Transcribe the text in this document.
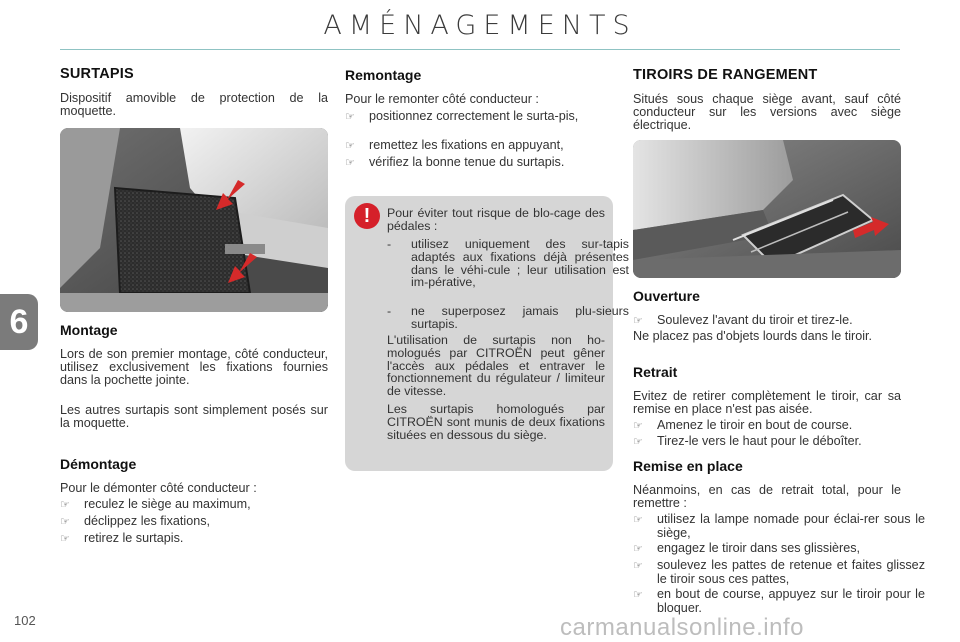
AMÉNAGEMENTS
6
SURTAPIS
Dispositif amovible de protection de la moquette.
Montage
Lors de son premier montage, côté conducteur, utilisez exclusivement les fixations fournies dans la pochette jointe.
Les autres surtapis sont simplement posés sur la moquette.
Démontage
Pour le démonter côté conducteur :
☞ reculez le siège au maximum,
☞ déclippez les fixations,
☞ retirez le surtapis.
Remontage
Pour le remonter côté conducteur :
☞ positionnez correctement le surta-pis,
☞ remettez les fixations en appuyant,
☞ vérifiez la bonne tenue du surtapis.
!	Pour éviter tout risque de blo-cage des pédales :
- utilisez uniquement des sur-tapis adaptés aux fixations déjà présentes dans le véhi-cule ; leur utilisation est im-pérative,
- ne superposez jamais plu-sieurs surtapis.
L'utilisation de surtapis non ho-mologués par CITROËN peut gêner l'accès aux pédales et entraver le fonctionnement du régulateur / limiteur de vitesse.
Les surtapis homologués par CITROËN sont munis de deux fixations situées en dessous du siège.
TIROIRS DE RANGEMENT
Situés sous chaque siège avant, sauf côté conducteur sur les versions avec siège électrique.
Ouverture
☞ Soulevez l'avant du tiroir et tirez-le.
Ne placez pas d'objets lourds dans le tiroir.
Retrait
Evitez de retirer complètement le tiroir, car sa remise en place n'est pas aisée.
☞ Amenez le tiroir en bout de course.
☞ Tirez-le vers le haut pour le déboîter.
Remise en place
Néanmoins, en cas de retrait total, pour le remettre :
☞ utilisez la lampe nomade pour éclai-rer sous le siège,
☞ engagez le tiroir dans ses glissières,
☞ soulevez les pattes de retenue et faites glissez le tiroir sous ces pattes,
☞ en bout de course, appuyez sur le tiroir pour le bloquer.
102	carmanualsonline.info
